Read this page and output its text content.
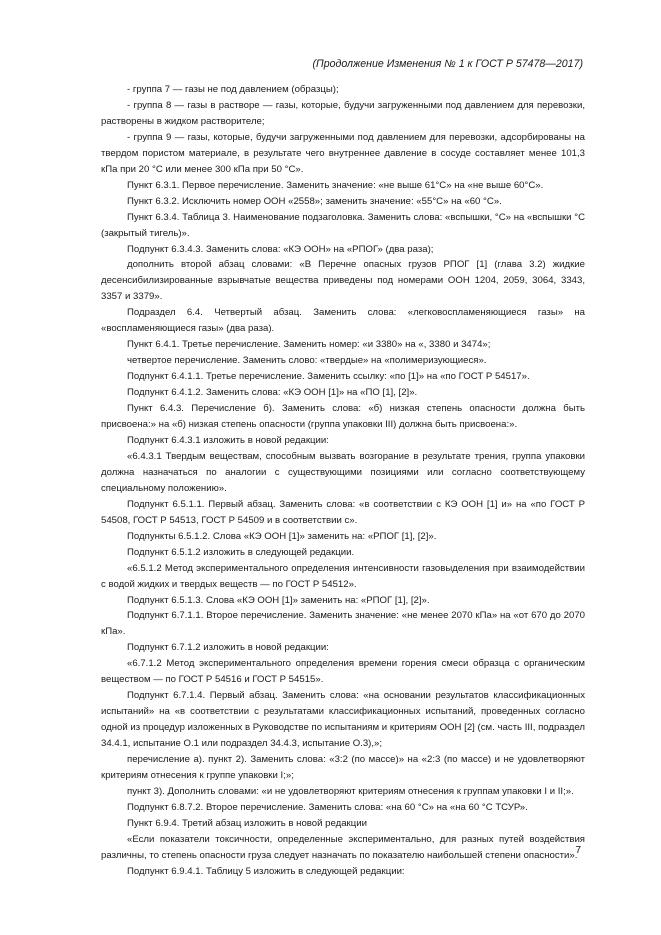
(Продолжение Изменения № 1 к ГОСТ Р 57478—2017)

- группа 7 — газы не под давлением (образцы);

- группа 8 — газы в растворе — газы, которые, будучи загруженными под давлением для перевозки, растворены в жидком растворителе;

- группа 9 — газы, которые, будучи загруженными под давлением для перевозки, адсорбированы на твердом пористом материале, в результате чего внутреннее давление в сосуде составляет менее 101,3 кПа при 20 °С или менее 300 кПа при 50 °С».

Пункт 6.3.1. Первое перечисление. Заменить значение: «не выше 61°С» на «не выше 60°С».

Пункт 6.3.2. Исключить номер ООН «2558»; заменить значение: «55°С» на «60 °С».

Пункт 6.3.4. Таблица 3. Наименование подзаголовка. Заменить слова: «вспышки, °С» на «вспышки °С (закрытый тигель)».

Подпункт 6.3.4.3. Заменить слова: «КЭ ООН» на «РПОГ» (два раза);

дополнить второй абзац словами: «В Перечне опасных грузов РПОГ [1] (глава 3.2) жидкие десенсибилизированные взрывчатые вещества приведены под номерами ООН 1204, 2059, 3064, 3343, 3357 и 3379».

Подраздел 6.4. Четвертый абзац. Заменить слова: «легковоспламеняющиеся газы» на «воспламеняющиеся газы» (два раза).

Пункт 6.4.1. Третье перечисление. Заменить номер: «и 3380» на «, 3380 и 3474»;

четвертое перечисление. Заменить слово: «твердые» на «полимеризующиеся».

Подпункт 6.4.1.1. Третье перечисление. Заменить ссылку: «по [1]» на «по ГОСТ Р 54517».

Подпункт 6.4.1.2. Заменить слова: «КЭ ООН [1]» на «ПО [1], [2]».

Пункт 6.4.3. Перечисление б). Заменить слова: «б) низкая степень опасности должна быть присвоена:» на «б) низкая степень опасности (группа упаковки III) должна быть присвоена:».

Подпункт 6.4.3.1 изложить в новой редакции:

«6.4.3.1 Твердым веществам, способным вызвать возгорание в результате трения, группа упаковки должна назначаться по аналогии с существующими позициями или согласно соответствующему специальному положению».

Подпункт 6.5.1.1. Первый абзац. Заменить слова: «в соответствии с КЭ ООН [1] и» на «по ГОСТ Р 54508, ГОСТ Р 54513, ГОСТ Р 54509 и в соответствии с».

Подпункты 6.5.1.2. Слова «КЭ ООН [1]» заменить на: «РПОГ [1], [2]».

Подпункт 6.5.1.2 изложить в следующей редакции.

«6.5.1.2 Метод экспериментального определения интенсивности газовыделения при взаимодействии с водой жидких и твердых веществ — по ГОСТ Р 54512».

Подпункт 6.5.1.3. Слова «КЭ ООН [1]» заменить на: «РПОГ [1], [2]».

Подпункт 6.7.1.1. Второе перечисление. Заменить значение: «не менее 2070 кПа» на «от 670 до 2070 кПа».

Подпункт 6.7.1.2 изложить в новой редакции:

«6.7.1.2 Метод экспериментального определения времени горения смеси образца с органическим веществом — по ГОСТ Р 54516 и ГОСТ Р 54515».

Подпункт 6.7.1.4. Первый абзац. Заменить слова: «на основании результатов классификационных испытаний» на «в соответствии с результатами классификационных испытаний, проведенных согласно одной из процедур изложенных в Руководстве по испытаниям и критериям ООН [2] (см. часть III, подраздел 34.4.1, испытание О.1 или подраздел 34.4.3, испытание О.3),»;

перечисление а). пункт 2). Заменить слова: «3:2 (по массе)» на «2:3 (по массе) и не удовлетворяют критериям отнесения к группе упаковки I;»;

пункт 3). Дополнить словами: «и не удовлетворяют критериям отнесения к группам упаковки I и II;».

Подпункт 6.8.7.2. Второе перечисление. Заменить слова: «на 60 °С» на «на 60 °С ТСУР».

Пункт 6.9.4. Третий абзац изложить в новой редакции

«Если показатели токсичности, определенные экспериментально, для разных путей воздействия различны, то степень опасности груза следует назначать по показателю наибольшей степени опасности».

Подпункт 6.9.4.1. Таблицу 5 изложить в следующей редакции:

7
